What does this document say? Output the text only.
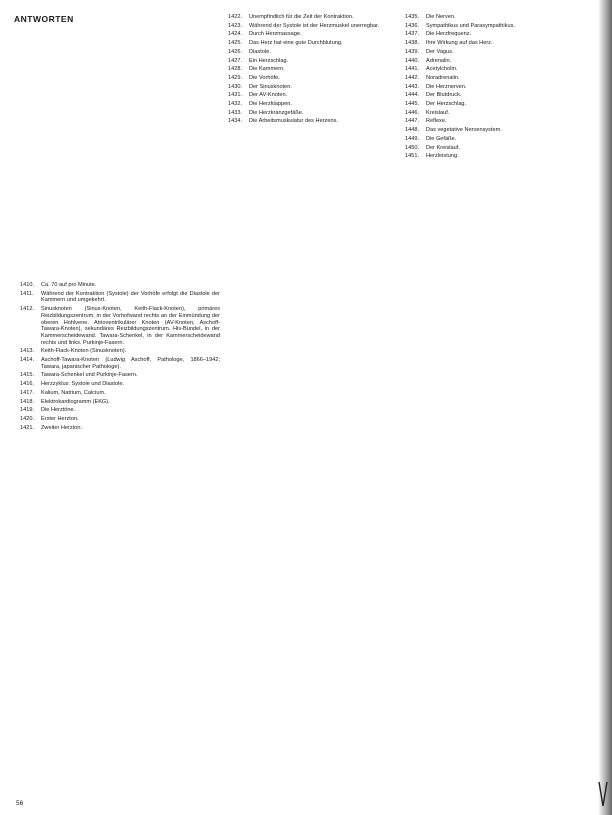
ANTWORTEN
1410.	Ca. 70 auf pro Minute.
1411.	Während der Kontraktion (Systole) der Vorhöfe erfolgt die Diastole der Kammern und umgekehrt.
1412.	Sinusknoten (Sinus-Knoten, Keith-Flack-Knoten), primäres Reizbildungszentrum, in der Vorhofwand rechts an der Einmündung der oberen Hohlvene. Atrioventrikulärer Knoten (AV-Knoten, Aschoff-Tawara-Knoten), sekundäres Reizbildungszentrum. His-Bündel, in der Kammerscheidewand. Tawara-Schenkel, in der Kammerscheidewand rechts und links. Purkinje-Fasern.
1413.	Keith-Flack-Knoten (Sinusknoten).
1414.	Aschoff-Tawara-Knoten (Ludwig Aschoff, Pathologe, 1866–1942; Tawara, japanischer Pathologe).
1415.	Tawara-Schenkel und Purkinje-Fasern.
1416.	Herzzyklus: Systole und Diastole.
1417.	Kalium, Natrium, Calcium.
1418.	Elektrokardiogramm (EKG).
1419.	Die Herztöne.
1420.	Erster Herzton.
1421.	Zweiter Herzton.
1422.	Unempfindlich für die Zeit der Kontraktion.
1423.	Während der Systole ist der Herzmuskel unerregbar.
1424.	Durch Herzmassage.
1425.	Das Herz hat eine gute Durchblutung.
1426.	Diastole.
1427.	Ein Herzschlag.
1428.	Die Kammern.
1429.	Die Vorhöfe.
1430.	Der Sinusknoten.
1431.	Der AV-Knoten.
1432.	Die Herzklappen.
1433.	Die Herzkranzgefäße.
1434.	Die Arbeitsmuskulatur des Herzens.
1435.	Die Nerven.
1436.	Sympathikus und Parasympathikus.
1437.	Die Herzfrequenz.
1438.	Ihre Wirkung auf das Herz.
1439.	Der Vagus.
1440.	Adrenalin.
1441.	Acetylcholin.
1442.	Noradrenalin.
1443.	Die Herznerven.
1444.	Der Blutdruck.
1445.	Der Herzschlag.
1446.	Kreislauf.
1447.	Reflexe.
1448.	Das vegetative Nervensystem.
1449.	Die Gefäße.
1450.	Der Kreislauf.
1451.	Herzleistung.
56
